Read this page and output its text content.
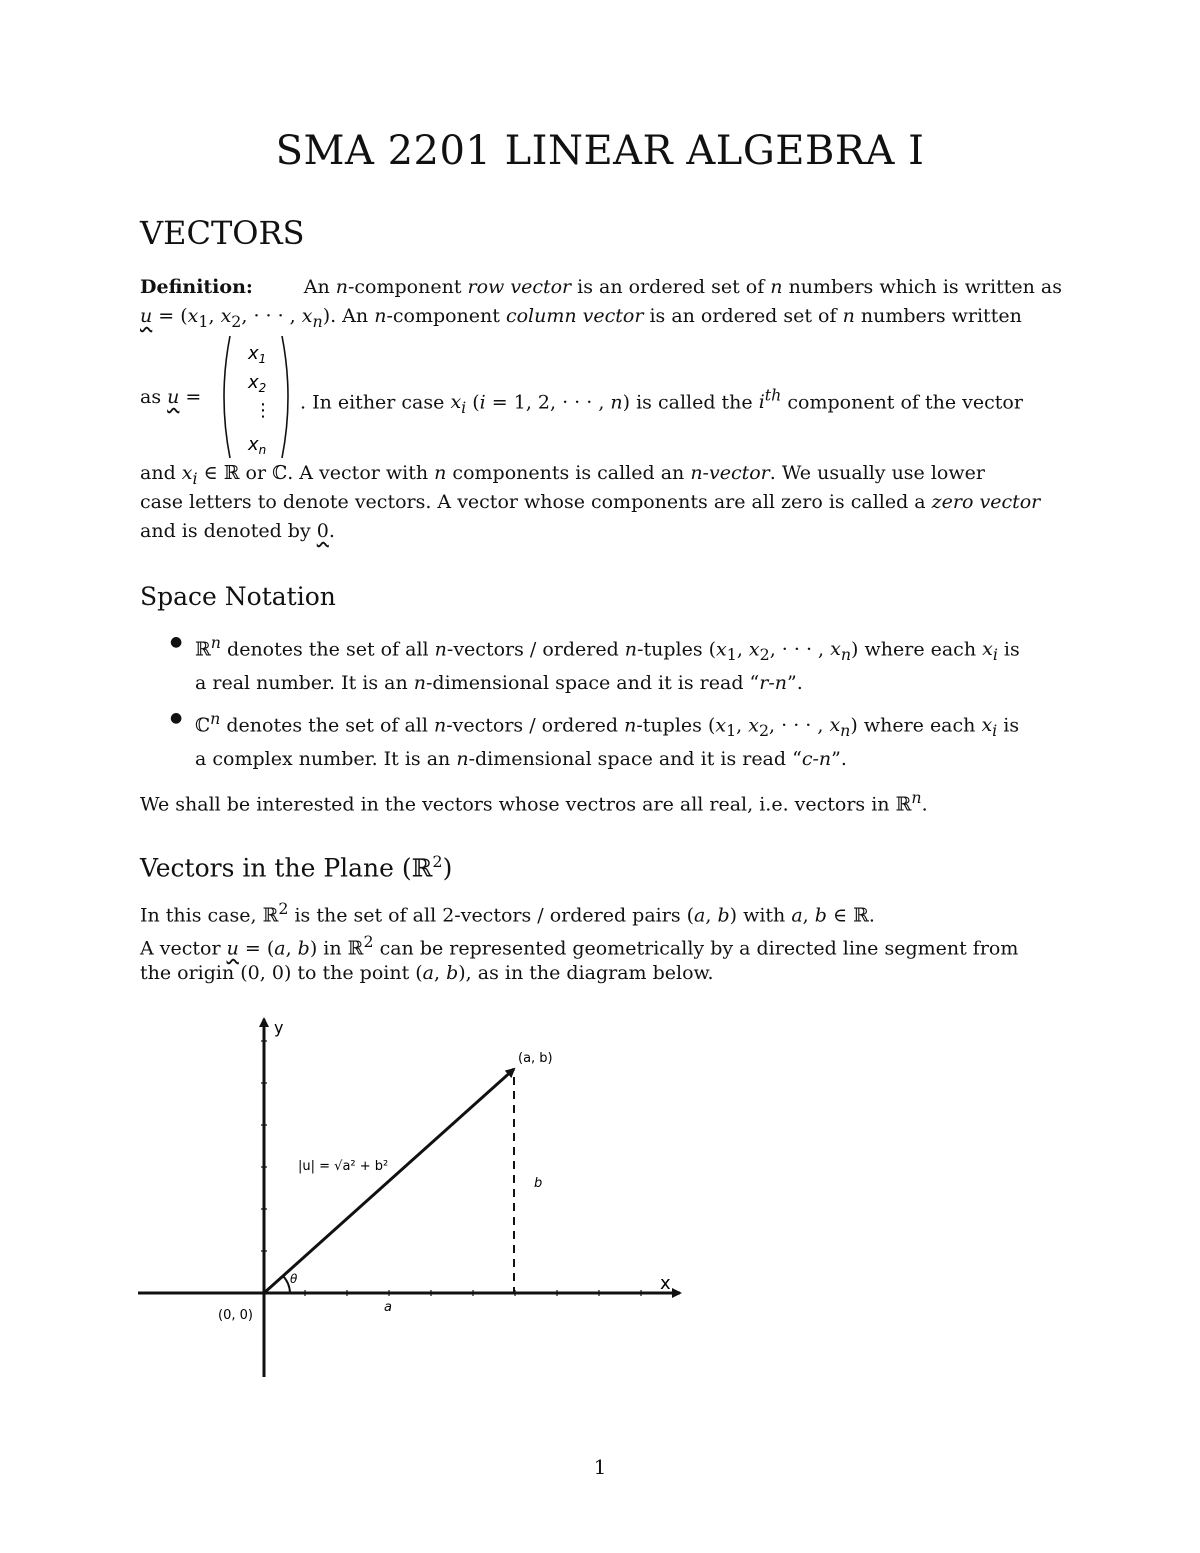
SMA 2201 LINEAR ALGEBRA I
VECTORS
Definition: An n-component row vector is an ordered set of n numbers which is written as
$u = (x_1$, $x_2$, · · · , $x_n$). An n-component column vector is an ordered set of n numbers written
as u =
$x_1$
$x_2$
⋮
$x_n$
. In either case $x_i$ (i = 1, 2, · · · , n) is called the $i^{th}$ component of the vector
and $x_i$ ∈ ℝ or ℂ. A vector with n components is called an n-vector. We usually use lower
case letters to denote vectors. A vector whose components are all zero is called a zero vector
and is denoted by 0.
Space Notation
● ℝ$^n$ denotes the set of all n-vectors / ordered n-tuples ($x_1$, $x_2$, · · · , $x_n$) where each $x_i$ is
a real number. It is an n-dimensional space and it is read “r-n”.
● ℂ$^n$ denotes the set of all n-vectors / ordered n-tuples ($x_1$, $x_2$, · · · , $x_n$) where each $x_i$ is
a complex number. It is an n-dimensional space and it is read “c-n”.
We shall be interested in the vectors whose vectros are all real, i.e. vectors in ℝ$^n$.
Vectors in the Plane (ℝ$^2$)
In this case, ℝ$^2$ is the set of all 2-vectors / ordered pairs (a, b) with a, b ∈ ℝ.
A vector u = (a, b) in ℝ$^2$ can be represented geometrically by a directed line segment from
the origin (0, 0) to the point (a, b), as in the diagram below.
y
x
(a, b)
(0, 0)
|u| = √a² + b²
b
a
θ
1
